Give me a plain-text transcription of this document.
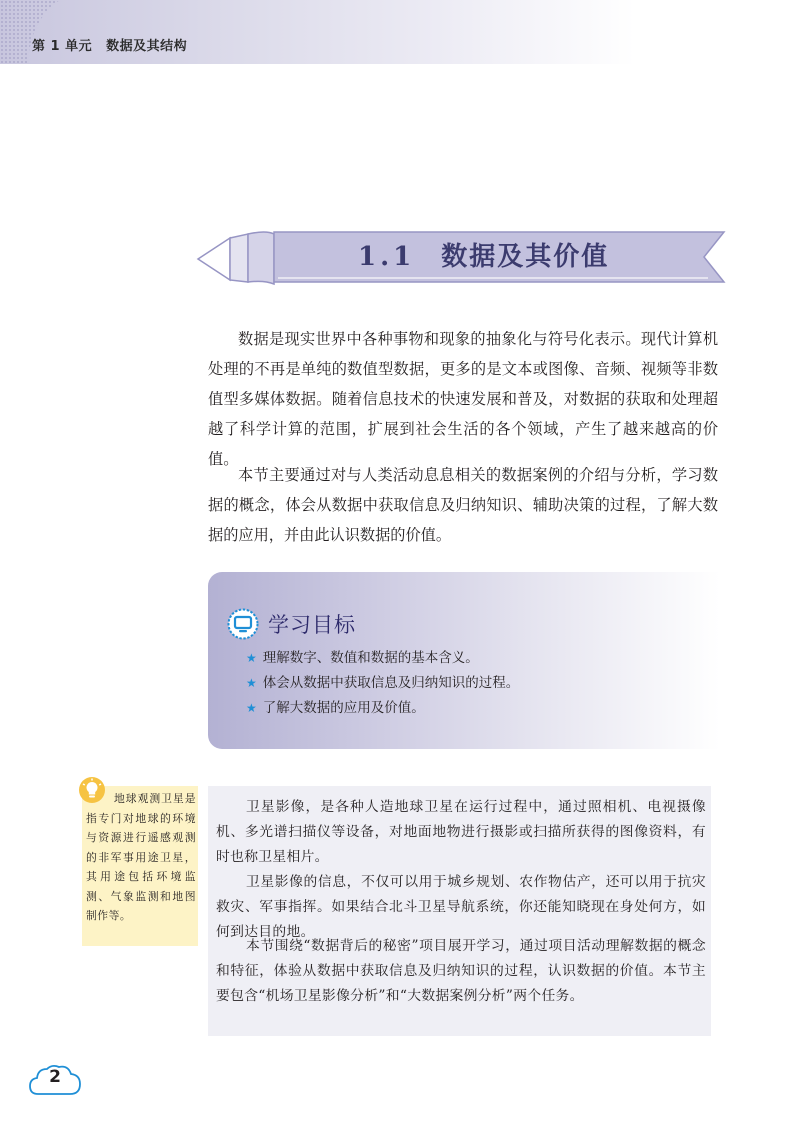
第 1 单元 数据及其结构
1.1 数据及其价值

数据是现实世界中各种事物和现象的抽象化与符号化表示。现代计算机处理的不再是单纯的数值型数据，更多的是文本或图像、音频、视频等非数值型多媒体数据。随着信息技术的快速发展和普及，对数据的获取和处理超越了科学计算的范围，扩展到社会生活的各个领域，产生了越来越高的价值。

本节主要通过对与人类活动息息相关的数据案例的介绍与分析，学习数据的概念，体会从数据中获取信息及归纳知识、辅助决策的过程，了解大数据的应用，并由此认识数据的价值。

学习目标
★ 理解数字、数值和数据的基本含义。
★ 体会从数据中获取信息及归纳知识的过程。
★ 了解大数据的应用及价值。

地球观测卫星是指专门对地球的环境与资源进行遥感观测的非军事用途卫星，其用途包括环境监测、气象监测和地图制作等。

卫星影像，是各种人造地球卫星在运行过程中，通过照相机、电视摄像机、多光谱扫描仪等设备，对地面地物进行摄影或扫描所获得的图像资料，有时也称卫星相片。

卫星影像的信息，不仅可以用于城乡规划、农作物估产，还可以用于抗灾救灾、军事指挥。如果结合北斗卫星导航系统，你还能知晓现在身处何方，如何到达目的地。

本节围绕“数据背后的秘密”项目展开学习，通过项目活动理解数据的概念和特征，体验从数据中获取信息及归纳知识的过程，认识数据的价值。本节主要包含“机场卫星影像分析”和“大数据案例分析”两个任务。

2
